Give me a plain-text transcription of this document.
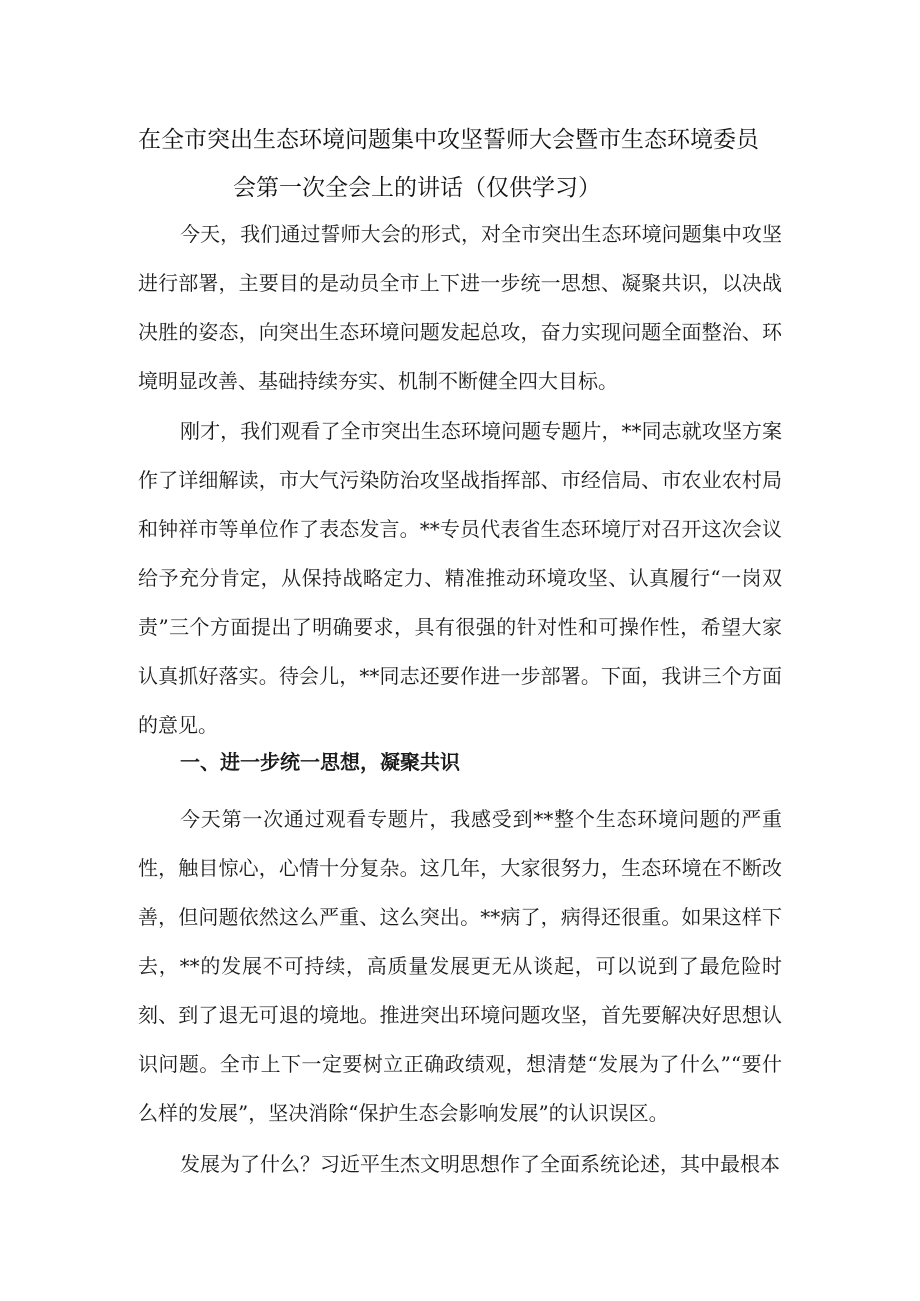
在全市突出生态环境问题集中攻坚誓师大会暨市生态环境委员
会第一次全会上的讲话（仅供学习）

今天，我们通过誓师大会的形式，对全市突出生态环境问题集中攻坚进行部署，主要目的是动员全市上下进一步统一思想、凝聚共识，以决战决胜的姿态，向突出生态环境问题发起总攻，奋力实现问题全面整治、环境明显改善、基础持续夯实、机制不断健全四大目标。

刚才，我们观看了全市突出生态环境问题专题片，**同志就攻坚方案作了详细解读，市大气污染防治攻坚战指挥部、市经信局、市农业农村局和钟祥市等单位作了表态发言。**专员代表省生态环境厅对召开这次会议给予充分肯定，从保持战略定力、精准推动环境攻坚、认真履行“一岗双责”三个方面提出了明确要求，具有很强的针对性和可操作性，希望大家认真抓好落实。待会儿，**同志还要作进一步部署。下面，我讲三个方面的意见。

一、进一步统一思想，凝聚共识

今天第一次通过观看专题片，我感受到**整个生态环境问题的严重性，触目惊心，心情十分复杂。这几年，大家很努力，生态环境在不断改善，但问题依然这么严重、这么突出。**病了，病得还很重。如果这样下去，**的发展不可持续，高质量发展更无从谈起，可以说到了最危险时刻、到了退无可退的境地。推进突出环境问题攻坚，首先要解决好思想认识问题。全市上下一定要树立正确政绩观，想清楚“发展为了什么”“要什么样的发展”，坚决消除“保护生态会影响发展”的认识误区。

发展为了什么？习近平生杰文明思想作了全面系统论述，其中最根本
